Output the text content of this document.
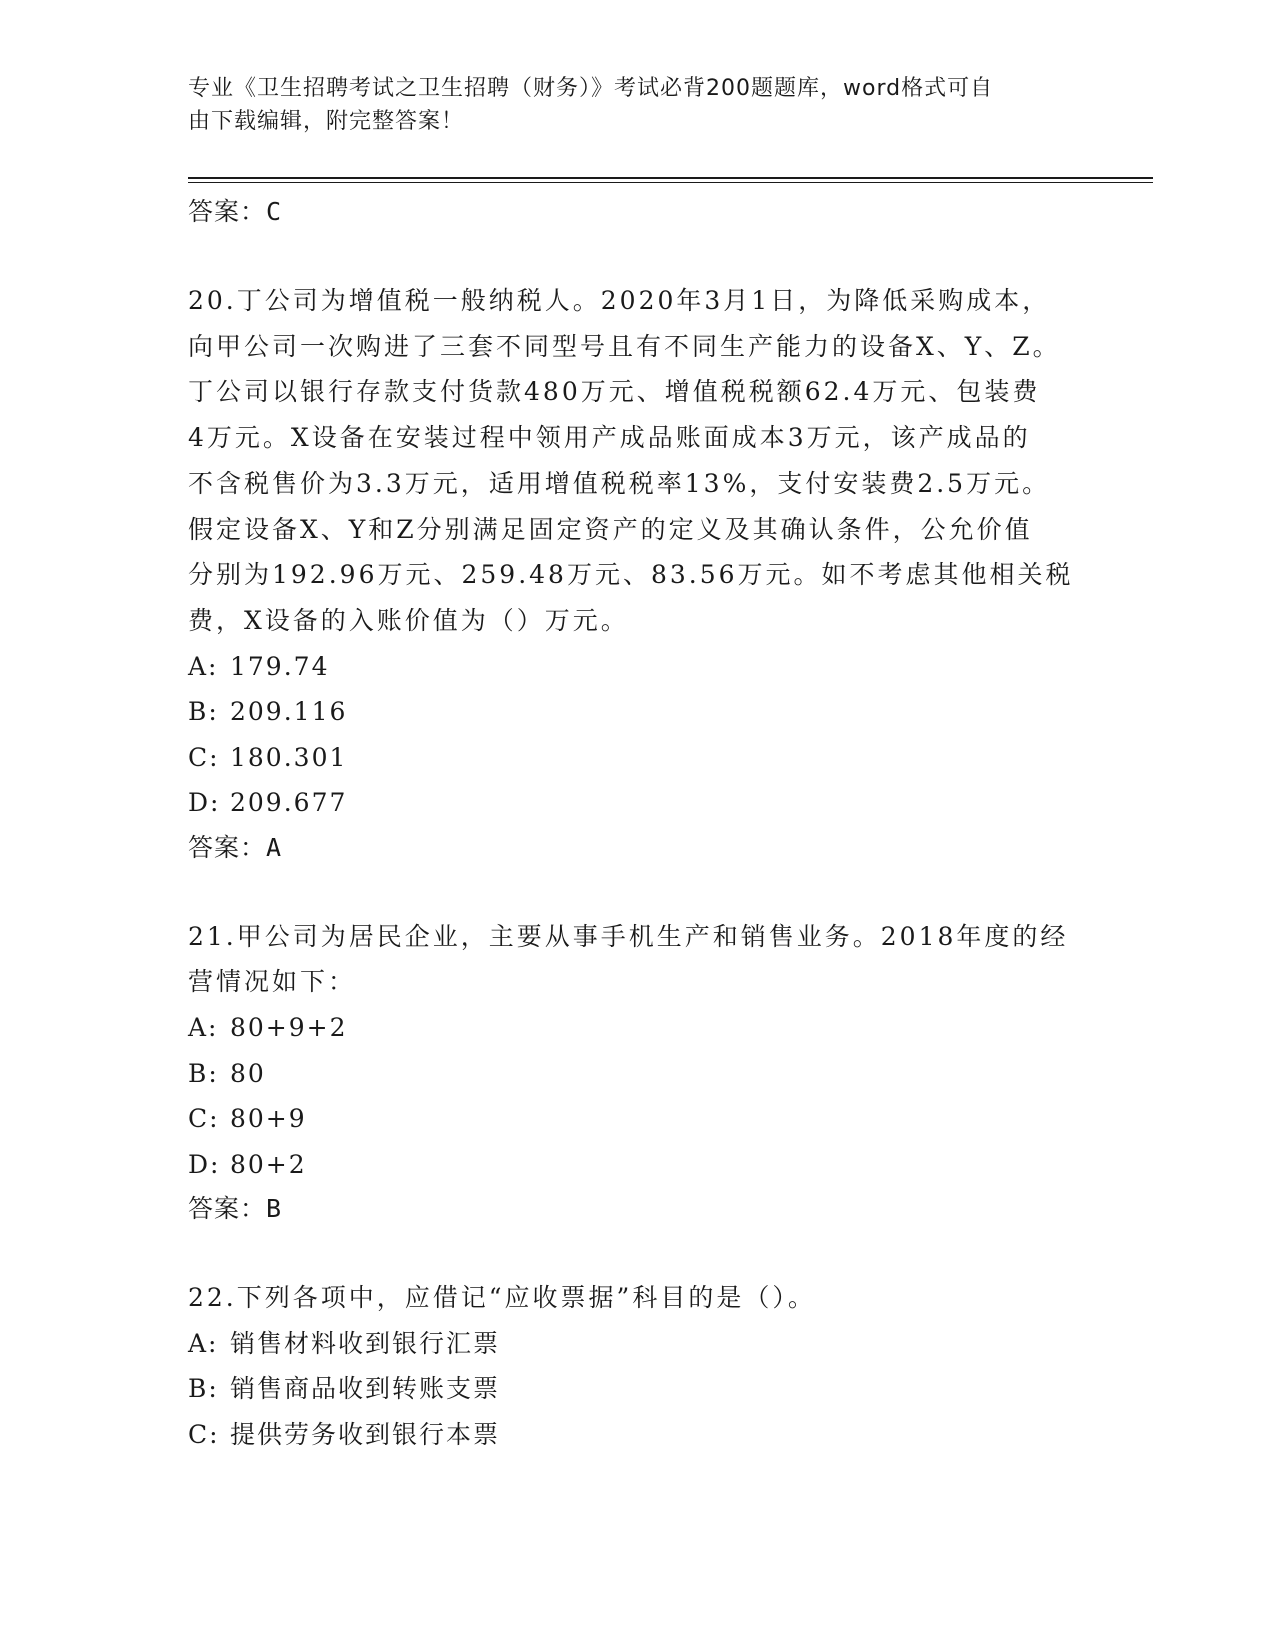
专业《卫生招聘考试之卫生招聘（财务）》考试必背200题题库，word格式可自
由下载编辑，附完整答案！
答案： C
20.丁公司为增值税一般纳税人。2020年3月1日，为降低采购成本，
向甲公司一次购进了三套不同型号且有不同生产能力的设备X、Y、Z。
丁公司以银行存款支付货款480万元、增值税税额62.4万元、包装费
4万元。X设备在安装过程中领用产成品账面成本3万元，该产成品的
不含税售价为3.3万元，适用增值税税率13%，支付安装费2.5万元。
假定设备X、Y和Z分别满足固定资产的定义及其确认条件，公允价值
分别为192.96万元、259.48万元、83.56万元。如不考虑其他相关税
费，X设备的入账价值为（）万元。
A: 179.74
B: 209.116
C: 180.301
D: 209.677
答案： A
21.甲公司为居民企业，主要从事手机生产和销售业务。2018年度的经
营情况如下：
A: 80+9+2
B: 80
C: 80+9
D: 80+2
答案： B
22.下列各项中，应借记“应收票据”科目的是（）。
A: 销售材料收到银行汇票
B: 销售商品收到转账支票
C: 提供劳务收到银行本票
